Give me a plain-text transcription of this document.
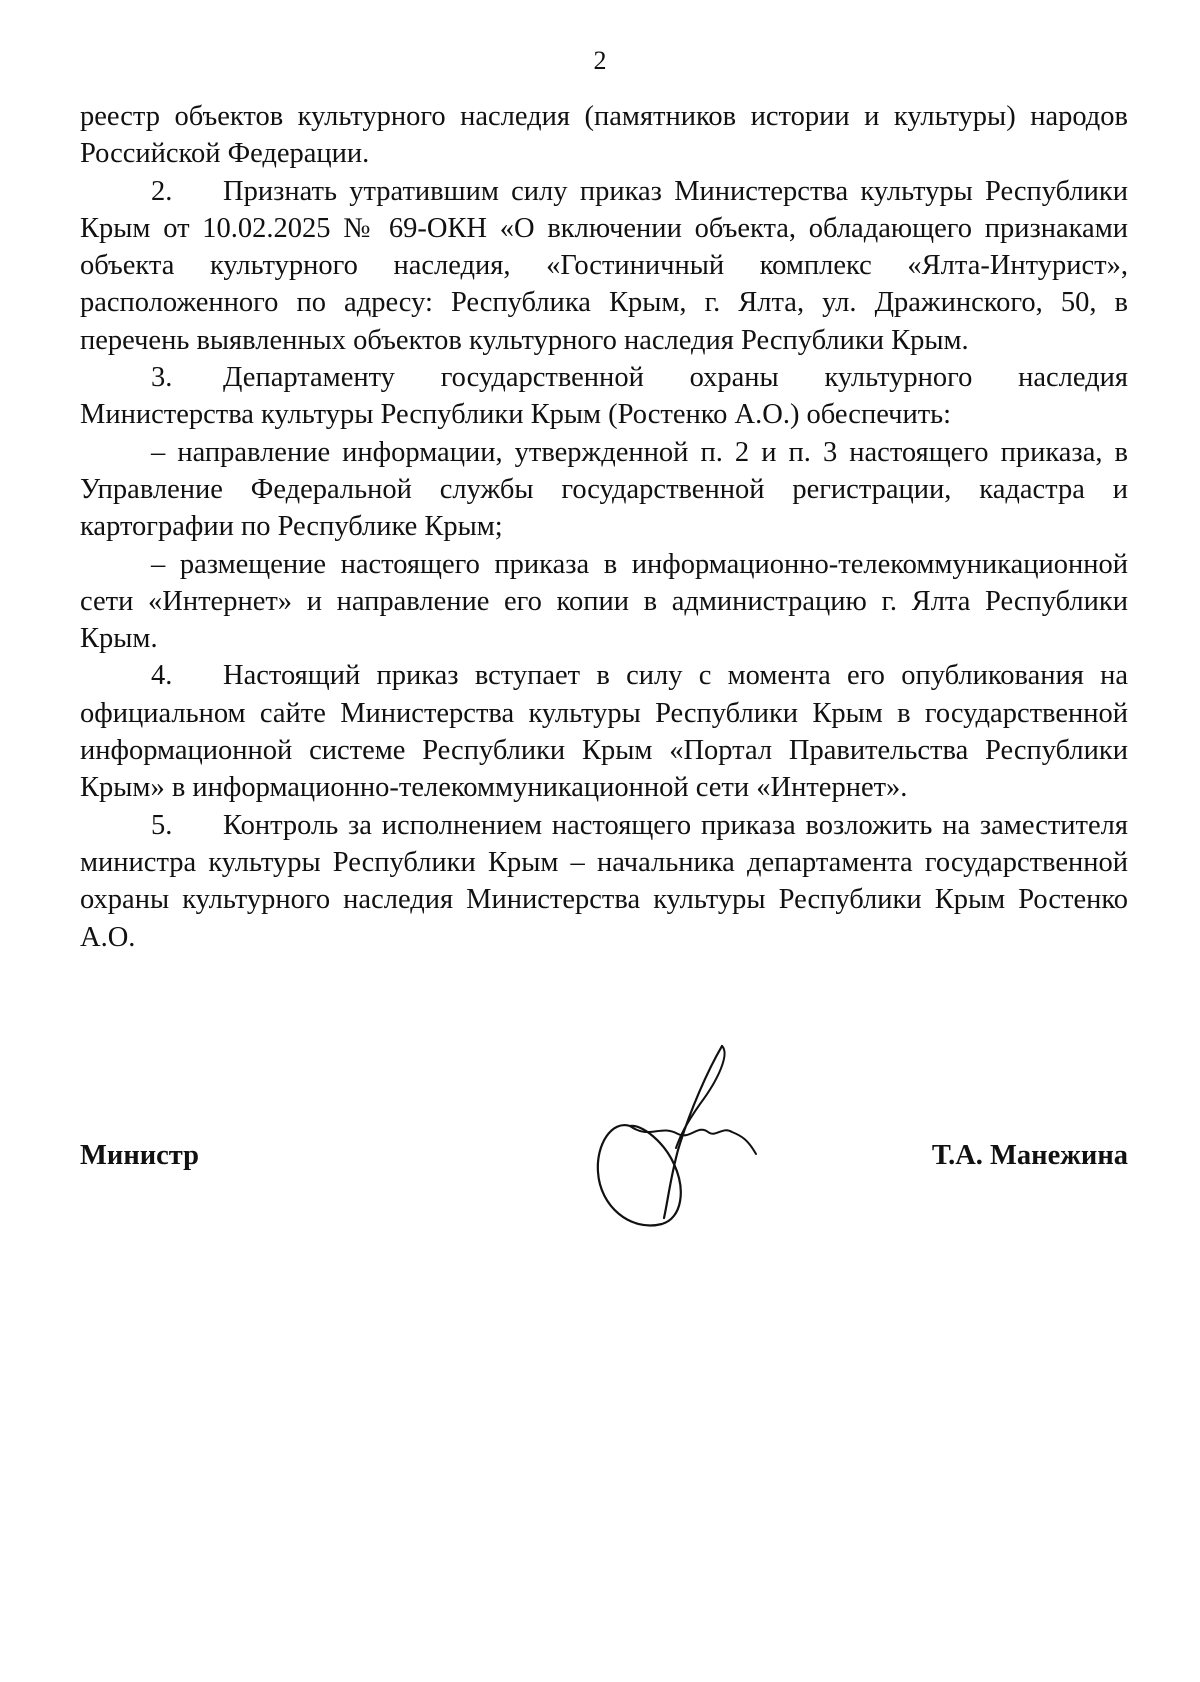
2

реестр объектов культурного наследия (памятников истории и культуры) народов Российской Федерации.

2. Признать утратившим силу приказ Министерства культуры Республики Крым от 10.02.2025 № 69-ОКН «О включении объекта, обладающего признаками объекта культурного наследия, «Гостиничный комплекс «Ялта-Интурист», расположенного по адресу: Республика Крым, г. Ялта, ул. Дражинского, 50, в перечень выявленных объектов культурного наследия Республики Крым.

3. Департаменту государственной охраны культурного наследия Министерства культуры Республики Крым (Ростенко А.О.) обеспечить:

– направление информации, утвержденной п. 2 и п. 3 настоящего приказа, в Управление Федеральной службы государственной регистрации, кадастра и картографии по Республике Крым;

– размещение настоящего приказа в информационно-телекоммуникационной сети «Интернет» и направление его копии в администрацию г. Ялта Республики Крым.

4. Настоящий приказ вступает в силу с момента его опубликования на официальном сайте Министерства культуры Республики Крым в государственной информационной системе Республики Крым «Портал Правительства Республики Крым» в информационно-телекоммуникационной сети «Интернет».

5. Контроль за исполнением настоящего приказа возложить на заместителя министра культуры Республики Крым – начальника департамента государственной охраны культурного наследия Министерства культуры Республики Крым Ростенко А.О.

Министр	Т.А. Манежина
